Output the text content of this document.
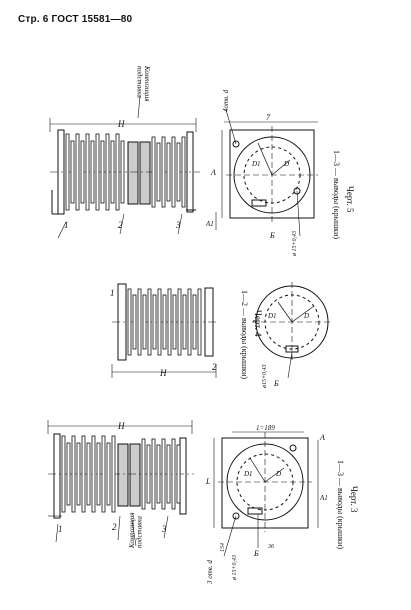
Стр. 6 ГОСТ 15581—80
H
1	2	3
Композицияподставка
7
A
A1
D1	D
Б	ø 15+0,43
4отв. d
1—3 — выводы (крышки) Черт. 5
H
1
2
D1	D
Б
ø15+0,43
1—2 — выводы (крышки) Черт. 4
H
1	2	3
Композицияподставка
1=189
L
A
A1
D1	D
Б
ø 15+0,43
3 отв. d
154	36	1—3 — выводы (крышки) Черт. 3
